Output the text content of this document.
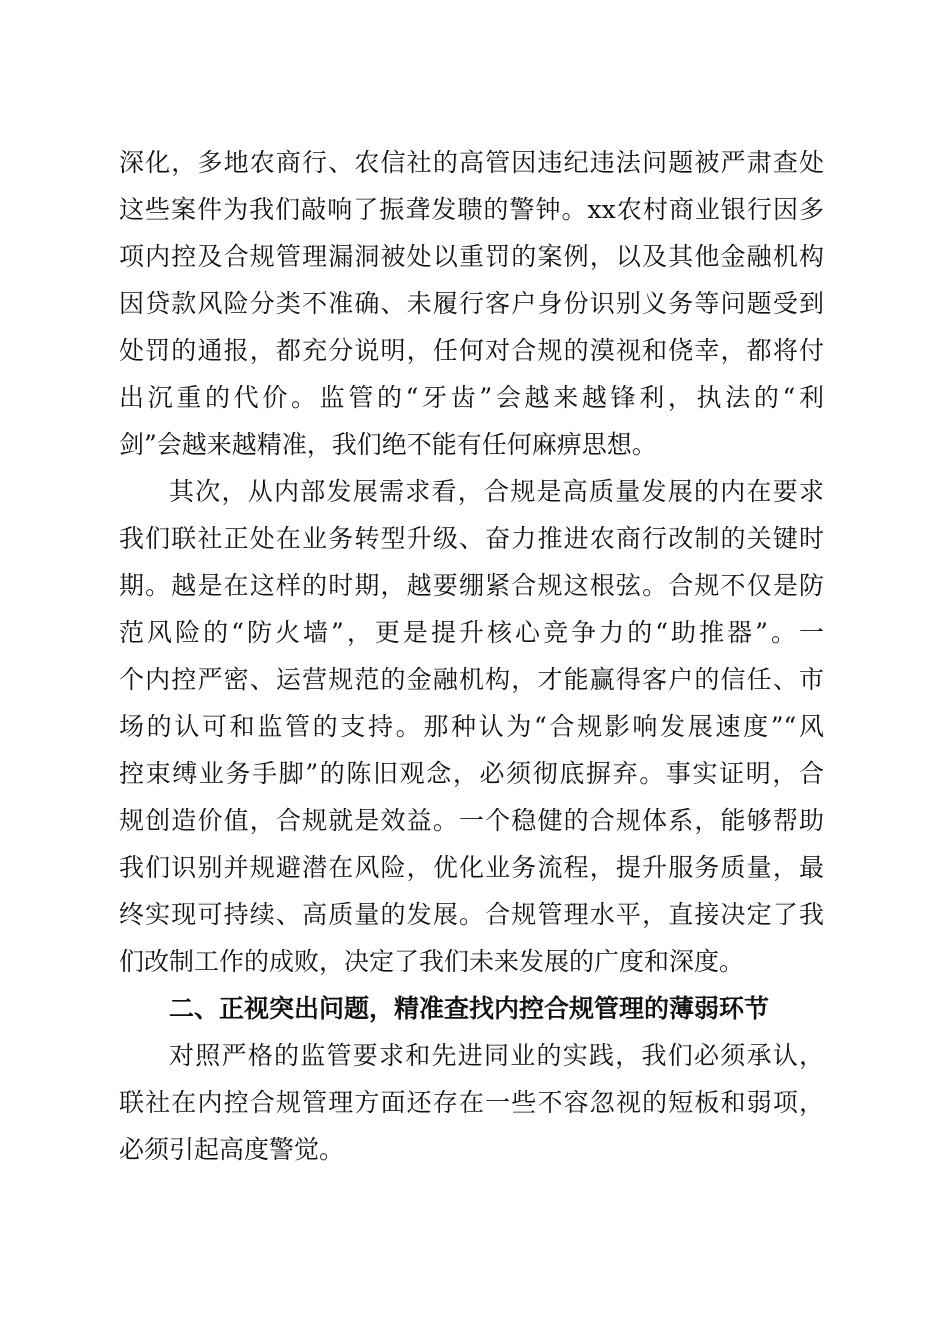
深化，多地农商行、农信社的高管因违纪违法问题被严肃查处
这些案件为我们敲响了振聋发聩的警钟。xx农村商业银行因多
项内控及合规管理漏洞被处以重罚的案例，以及其他金融机构
因贷款风险分类不准确、未履行客户身份识别义务等问题受到
处罚的通报，都充分说明，任何对合规的漠视和侥幸，都将付
出沉重的代价。监管的“牙齿”会越来越锋利，执法的“利
剑”会越来越精准，我们绝不能有任何麻痹思想。
其次，从内部发展需求看，合规是高质量发展的内在要求
我们联社正处在业务转型升级、奋力推进农商行改制的关键时
期。越是在这样的时期，越要绷紧合规这根弦。合规不仅是防
范风险的“防火墙”，更是提升核心竞争力的“助推器”。一
个内控严密、运营规范的金融机构，才能赢得客户的信任、市
场的认可和监管的支持。那种认为“合规影响发展速度”“风
控束缚业务手脚”的陈旧观念，必须彻底摒弃。事实证明，合
规创造价值，合规就是效益。一个稳健的合规体系，能够帮助
我们识别并规避潜在风险，优化业务流程，提升服务质量，最
终实现可持续、高质量的发展。合规管理水平，直接决定了我
们改制工作的成败，决定了我们未来发展的广度和深度。
二、正视突出问题，精准查找内控合规管理的薄弱环节
对照严格的监管要求和先进同业的实践，我们必须承认，
联社在内控合规管理方面还存在一些不容忽视的短板和弱项，
必须引起高度警觉。
